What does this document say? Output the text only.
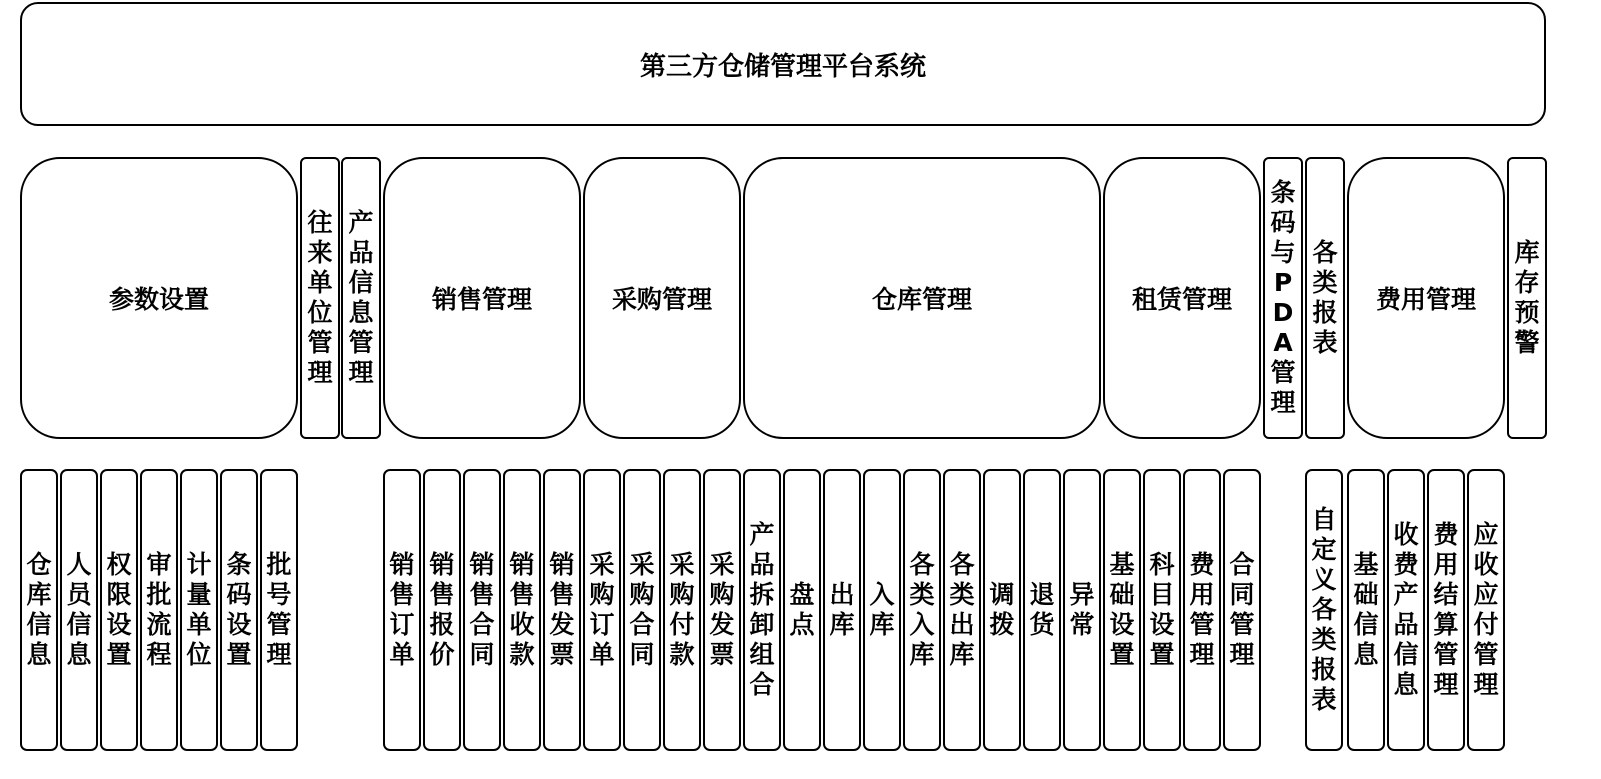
第三方仓储管理平台系统
参数设置
往来单位管理
产品信息管理
销售管理	采购管理	仓库管理	租赁管理
条码与PDA管理
各类报表
费用管理
库存预警
仓库信息
人员信息
权限设置
审批流程
计量单位
条码设置
批号管理
销售订单
销售报价
销售合同
销售收款
销售发票
采购订单
采购合同
采购付款
采购发票
产品拆卸组合
盘点
出库
入库
各类入库
各类出库
调拨
退货
异常
基础设置
科目设置
费用管理
合同管理
自定义各类报表
基础信息
收费产品信息
费用结算管理
应收应付管理
